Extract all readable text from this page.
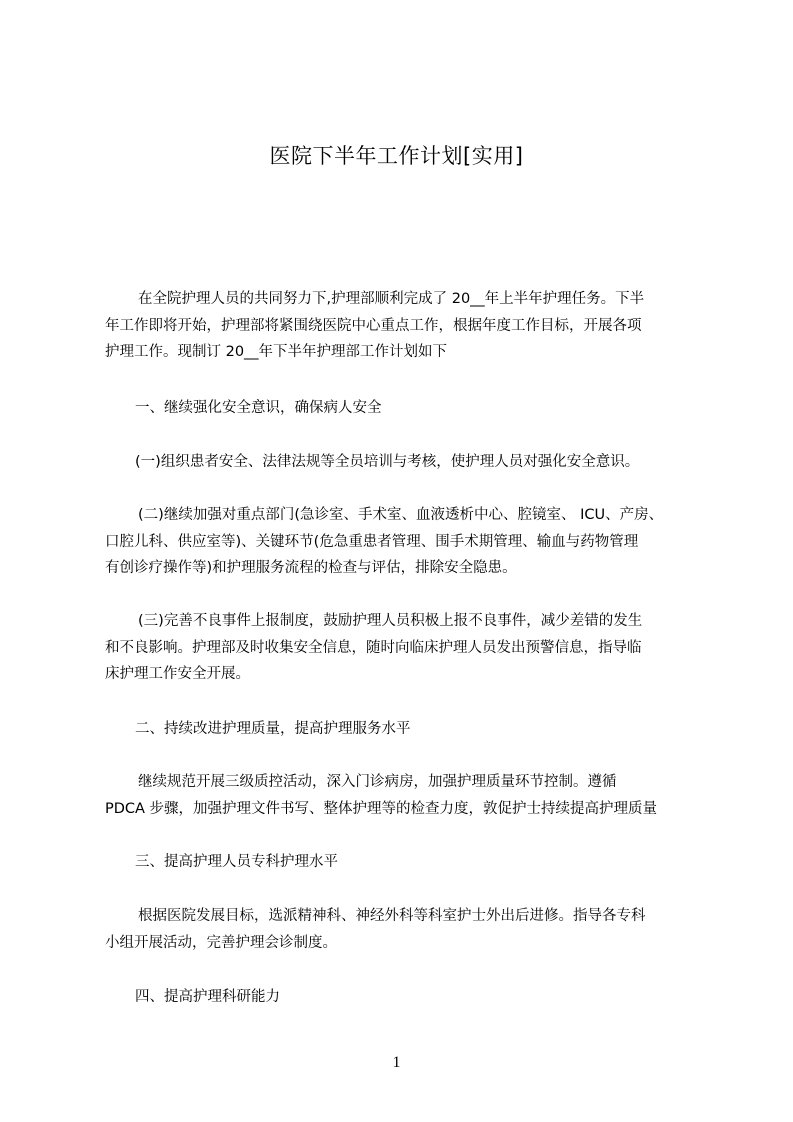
医院下半年工作计划[实用]
在全院护理人员的共同努力下,护理部顺利完成了 20__年上半年护理任务。下半
年工作即将开始，护理部将紧围绕医院中心重点工作，根据年度工作目标，开展各项
护理工作。现制订 20__年下半年护理部工作计划如下
一、继续强化安全意识，确保病人安全
(一)组织患者安全、法律法规等全员培训与考核，使护理人员对强化安全意识。
(二)继续加强对重点部门(急诊室、手术室、血液透析中心、腔镜室、 ICU、产房、
口腔儿科、供应室等)、关键环节(危急重患者管理、围手术期管理、输血与药物管理
有创诊疗操作等)和护理服务流程的检查与评估，排除安全隐患。
(三)完善不良事件上报制度，鼓励护理人员积极上报不良事件，减少差错的发生
和不良影响。护理部及时收集安全信息，随时向临床护理人员发出预警信息，指导临
床护理工作安全开展。
二、持续改进护理质量，提高护理服务水平
继续规范开展三级质控活动，深入门诊病房，加强护理质量环节控制。遵循
PDCA 步骤，加强护理文件书写、整体护理等的检查力度，敦促护士持续提高护理质量
三、提高护理人员专科护理水平
根据医院发展目标，选派精神科、神经外科等科室护士外出后进修。指导各专科
小组开展活动，完善护理会诊制度。
四、提高护理科研能力
1
